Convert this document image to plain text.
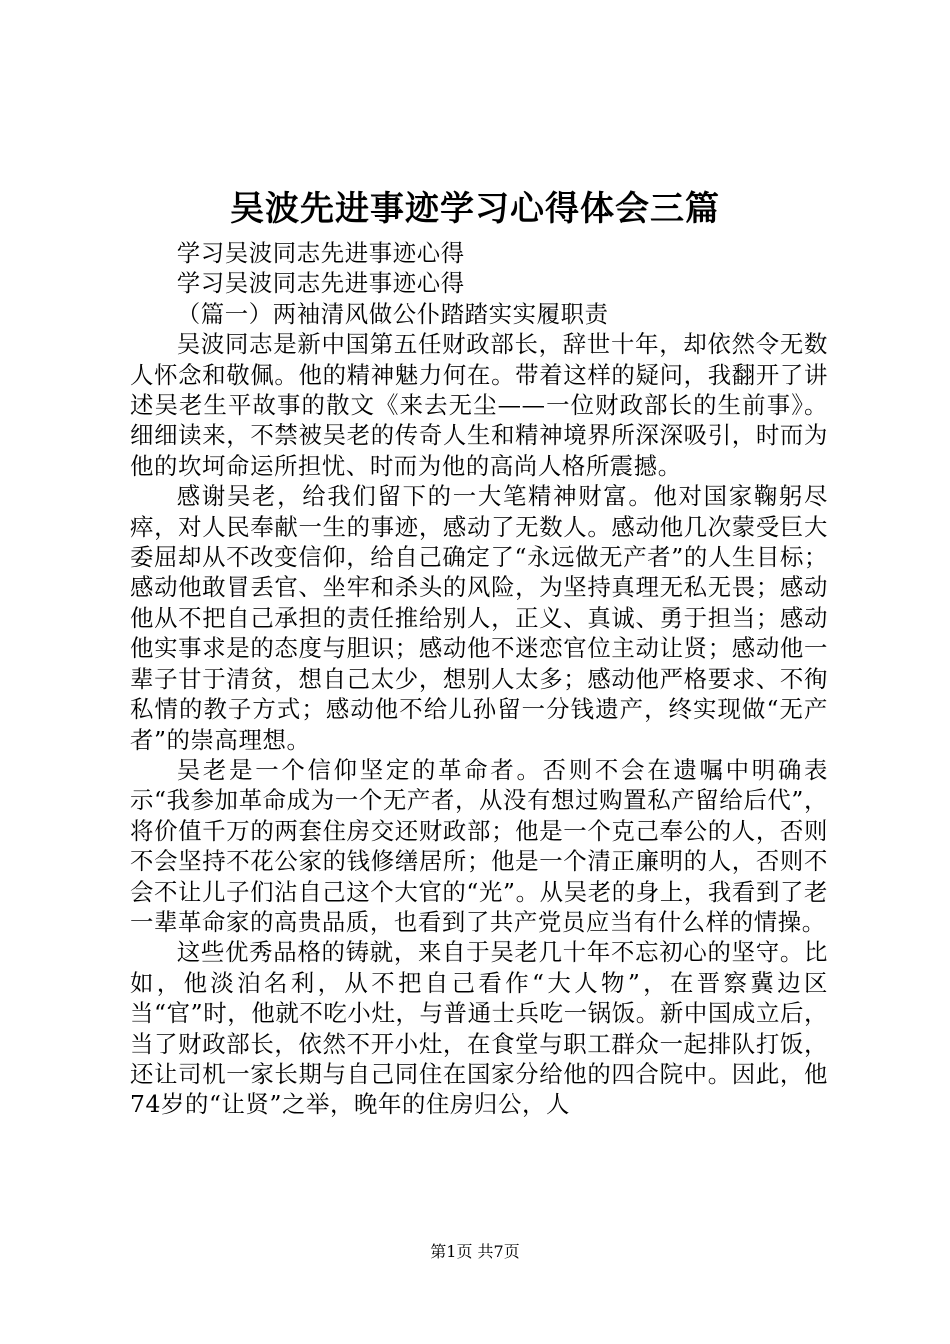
吴波先进事迹学习心得体会三篇

学习吴波同志先进事迹心得

学习吴波同志先进事迹心得

（篇一）两袖清风做公仆踏踏实实履职责

吴波同志是新中国第五任财政部长，辞世十年，却依然令无数人怀念和敬佩。他的精神魅力何在。带着这样的疑问，我翻开了讲述吴老生平故事的散文《来去无尘——一位财政部长的生前事》。细细读来，不禁被吴老的传奇人生和精神境界所深深吸引，时而为他的坎坷命运所担忧、时而为他的高尚人格所震撼。

感谢吴老，给我们留下的一大笔精神财富。他对国家鞠躬尽瘁，对人民奉献一生的事迹，感动了无数人。感动他几次蒙受巨大委屈却从不改变信仰，给自己确定了“永远做无产者”的人生目标；感动他敢冒丢官、坐牢和杀头的风险，为坚持真理无私无畏；感动他从不把自己承担的责任推给别人，正义、真诚、勇于担当；感动他实事求是的态度与胆识；感动他不迷恋官位主动让贤；感动他一辈子甘于清贫，想自己太少，想别人太多；感动他严格要求、不徇私情的教子方式；感动他不给儿孙留一分钱遗产，终实现做“无产者”的崇高理想。

吴老是一个信仰坚定的革命者。否则不会在遗嘱中明确表示“我参加革命成为一个无产者，从没有想过购置私产留给后代”，将价值千万的两套住房交还财政部；他是一个克己奉公的人，否则不会坚持不花公家的钱修缮居所；他是一个清正廉明的人，否则不会不让儿子们沾自己这个大官的“光”。从吴老的身上，我看到了老一辈革命家的高贵品质，也看到了共产党员应当有什么样的情操。

这些优秀品格的铸就，来自于吴老几十年不忘初心的坚守。比如，他淡泊名利，从不把自己看作“大人物”，在晋察冀边区当“官”时，他就不吃小灶，与普通士兵吃一锅饭。新中国成立后，当了财政部长，依然不开小灶，在食堂与职工群众一起排队打饭，还让司机一家长期与自己同住在国家分给他的四合院中。因此，他74岁的“让贤”之举，晚年的住房归公，人

第1页 共7页
